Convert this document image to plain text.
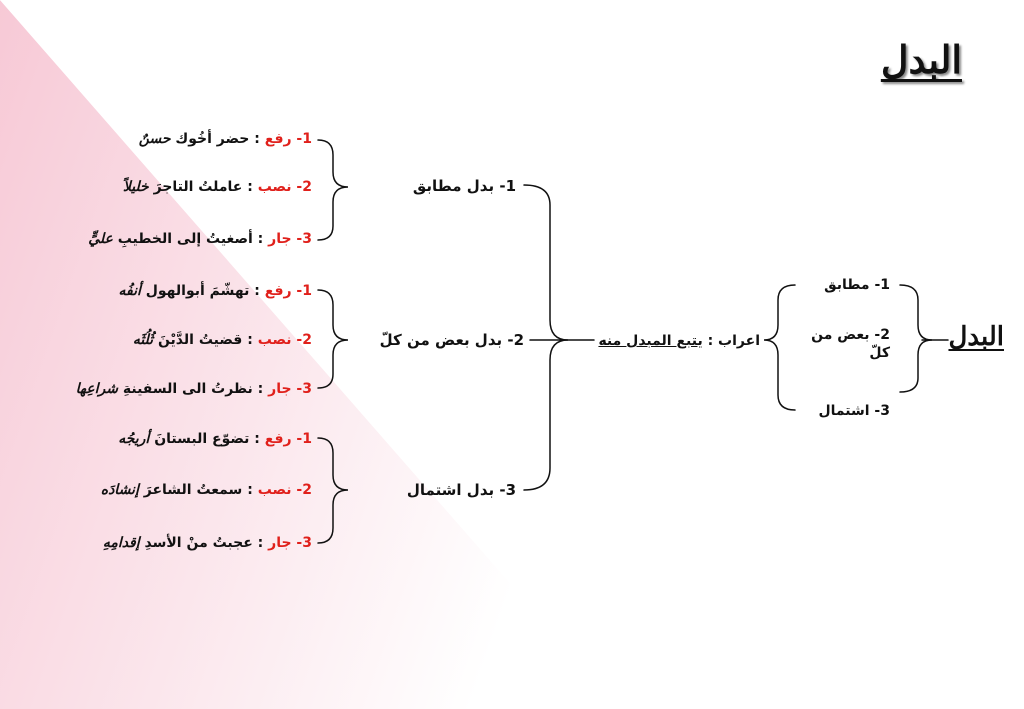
البدل
البدل
1- مطابق
2- بعض من كلّ
3- اشتمال
اعراب : يتبع المبدل منه
1- بدل مطابق
2- بدل بعض من كلّ
3- بدل اشتمال
1- رفع : حضر أخُوك حسنٌ
2- نصب : عاملتُ التاجرَ خليلاً
3- جار : أصغيتُ إلى الخطيبِ عليٍّ
1- رفع : تهشّمَ أبوالهول أنفُه
2- نصب : قضيتُ الدَّيْنَ ثُلُثَه
3- جار : نظرتُ الى السفينةِ شراعِها
1- رفع : تضوّع البستانَ أريجُه
2- نصب : سمعتُ الشاعرَ إنشادَه
3- جار : عجبتُ منْ الأسدِ إقدامِهِ
